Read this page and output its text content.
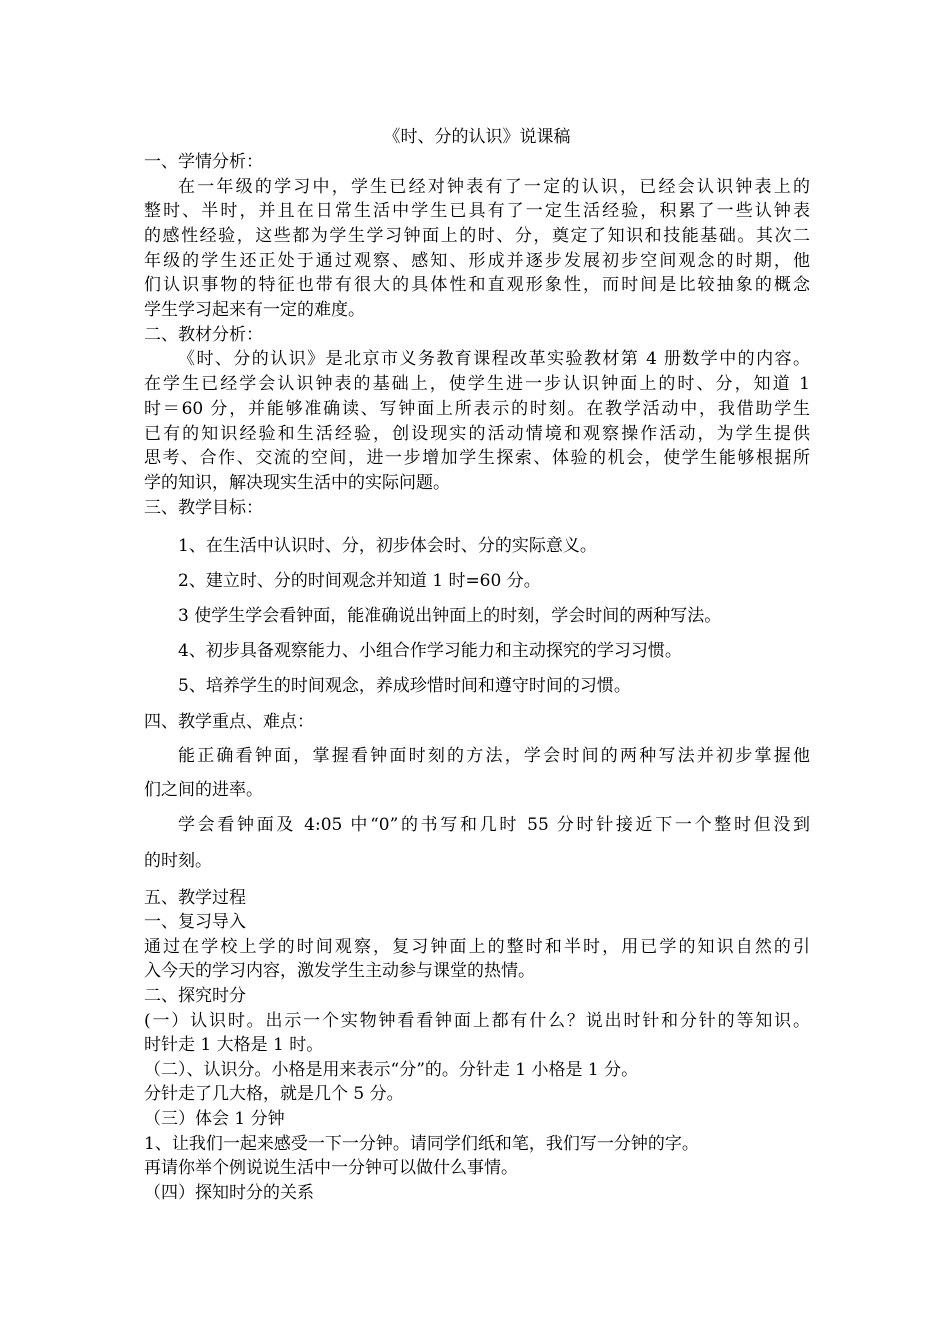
《时、分的认识》说课稿
一、学情分析：
在一年级的学习中，学生已经对钟表有了一定的认识，已经会认识钟表上的
整时、半时，并且在日常生活中学生已具有了一定生活经验，积累了一些认钟表
的感性经验，这些都为学生学习钟面上的时、分，奠定了知识和技能基础。其次二
年级的学生还正处于通过观察、感知、形成并逐步发展初步空间观念的时期，他
们认识事物的特征也带有很大的具体性和直观形象性，而时间是比较抽象的概念
学生学习起来有一定的难度。
二、教材分析：
《时、分的认识》是北京市义务教育课程改革实验教材第 4 册数学中的内容。
在学生已经学会认识钟表的基础上，使学生进一步认识钟面上的时、分，知道 1
时＝60 分，并能够准确读、写钟面上所表示的时刻。在教学活动中，我借助学生
已有的知识经验和生活经验，创设现实的活动情境和观察操作活动，为学生提供
思考、合作、交流的空间，进一步增加学生探索、体验的机会，使学生能够根据所
学的知识，解决现实生活中的实际问题。
三、教学目标：
1、在生活中认识时、分，初步体会时、分的实际意义。
2、建立时、分的时间观念并知道 1 时=60 分。
3 使学生学会看钟面，能准确说出钟面上的时刻，学会时间的两种写法。
4、初步具备观察能力、小组合作学习能力和主动探究的学习习惯。
5、培养学生的时间观念，养成珍惜时间和遵守时间的习惯。
四、教学重点、难点：
能正确看钟面，掌握看钟面时刻的方法，学会时间的两种写法并初步掌握他
们之间的进率。
学会看钟面及 4:05 中“0”的书写和几时 55 分时针接近下一个整时但没到
的时刻。
五、教学过程
一、复习导入
通过在学校上学的时间观察，复习钟面上的整时和半时，用已学的知识自然的引
入今天的学习内容，激发学生主动参与课堂的热情。
二、探究时分
(一）认识时。出示一个实物钟看看钟面上都有什么？说出时针和分针的等知识。
时针走 1 大格是 1 时。
（二）、认识分。小格是用来表示“分”的。分针走 1 小格是 1 分。
分针走了几大格，就是几个 5 分。
（三）体会 1 分钟
1、让我们一起来感受一下一分钟。请同学们纸和笔，我们写一分钟的字。
再请你举个例说说生活中一分钟可以做什么事情。
（四）探知时分的关系
